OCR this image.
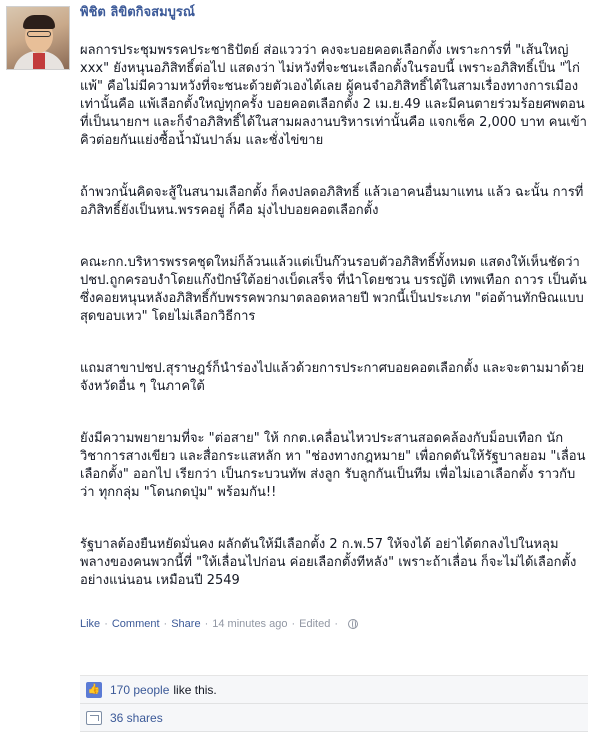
พิชิต ลิขิตกิจสมบูรณ์

ผลการประชุมพรรคประชาธิปัตย์ ส่อแววว่า คงจะบอยคอตเลือกตั้ง เพราะการที่ "เส้นใหญ่ xxx" ยังหนุนอภิสิทธิ์ต่อไป แสดงว่า ไม่หวังที่จะชนะเลือกตั้งในรอบนี้ เพราะอภิสิทธิ์เป็น "ไก่แพ้" คือไม่มีความหวังที่จะชนะด้วยตัวเองได้เลย ผู้คนจำอภิสิทธิ์ได้ในสามเรื่องทางการเมืองเท่านั้นคือ แพ้เลือกตั้งใหญ่ทุกครั้ง บอยคอตเลือกตั้ง 2 เม.ย.49 และมีคนตายร่วมร้อยศพตอนที่เป็นนายกฯ และก็จำอภิสิทธิ์ได้ในสามผลงานบริหารเท่านั้นคือ แจกเช็ค 2,000 บาท คนเข้าคิวต่อยกันแย่งซื้อน้ำมันปาล์ม และชั่งไข่ขาย

ถ้าพวกนั้นคิดจะสู้ในสนามเลือกตั้ง ก็คงปลดอภิสิทธิ์ แล้วเอาคนอื่นมาแทน แล้ว ฉะนั้น การที่อภิสิทธิ์ยังเป็นหน.พรรคอยู่ ก็คือ มุ่งไปบอยคอตเลือกตั้ง

คณะกก.บริหารพรรคชุดใหม่ก็ล้วนแล้วแต่เป็นก๊วนรอบตัวอภิสิทธิ์ทั้งหมด แสดงให้เห็นชัดว่า ปชป.ถูกครอบงำโดยแก๊งปักษ์ใต้อย่างเบ็ดเสร็จ ที่นำโดยชวน บรรญัติ เทพเทือก ถาวร เป็นต้น ซึ่งคอยหนุนหลังอภิสิทธิ์กับพรรคพวกมาตลอดหลายปี พวกนี้เป็นประเภท "ต่อต้านทักษิณแบบสุดขอบเหว" โดยไม่เลือกวิธีการ

แถมสาขาปชป.สุราษฎร์ก็นำร่องไปแล้วด้วยการประกาศบอยคอตเลือกตั้ง และจะตามมาด้วยจังหวัดอื่น ๆ ในภาคใต้

ยังมีความพยายามที่จะ "ต่อสาย" ให้ กกต.เคลื่อนไหวประสานสอดคล้องกับม็อบเทือก นักวิชาการสางเขียว และสื่อกระแสหลัก หา "ช่องทางกฎหมาย" เพื่อกดดันให้รัฐบาลยอม "เลื่อนเลือกตั้ง" ออกไป เรียกว่า เป็นกระบวนทัพ ส่งลูก รับลูกกันเป็นทีม เพื่อไม่เอาเลือกตั้ง ราวกับว่า ทุกกลุ่ม "โดนกดปุ่ม" พร้อมกัน!!

รัฐบาลต้องยืนหยัดมั่นคง ผลักดันให้มีเลือกตั้ง 2 ก.พ.57 ให้จงได้ อย่าได้ตกลงไปในหลุมพลางของคนพวกนี้ที่ "ให้เลื่อนไปก่อน ค่อยเลือกตั้งทีหลัง" เพราะถ้าเลื่อน ก็จะไม่ได้เลือกตั้งอย่างแน่นอน เหมือนปี 2549

Like · Comment · Share · 14 minutes ago · Edited ·
👍 170 people like this.
36 shares
